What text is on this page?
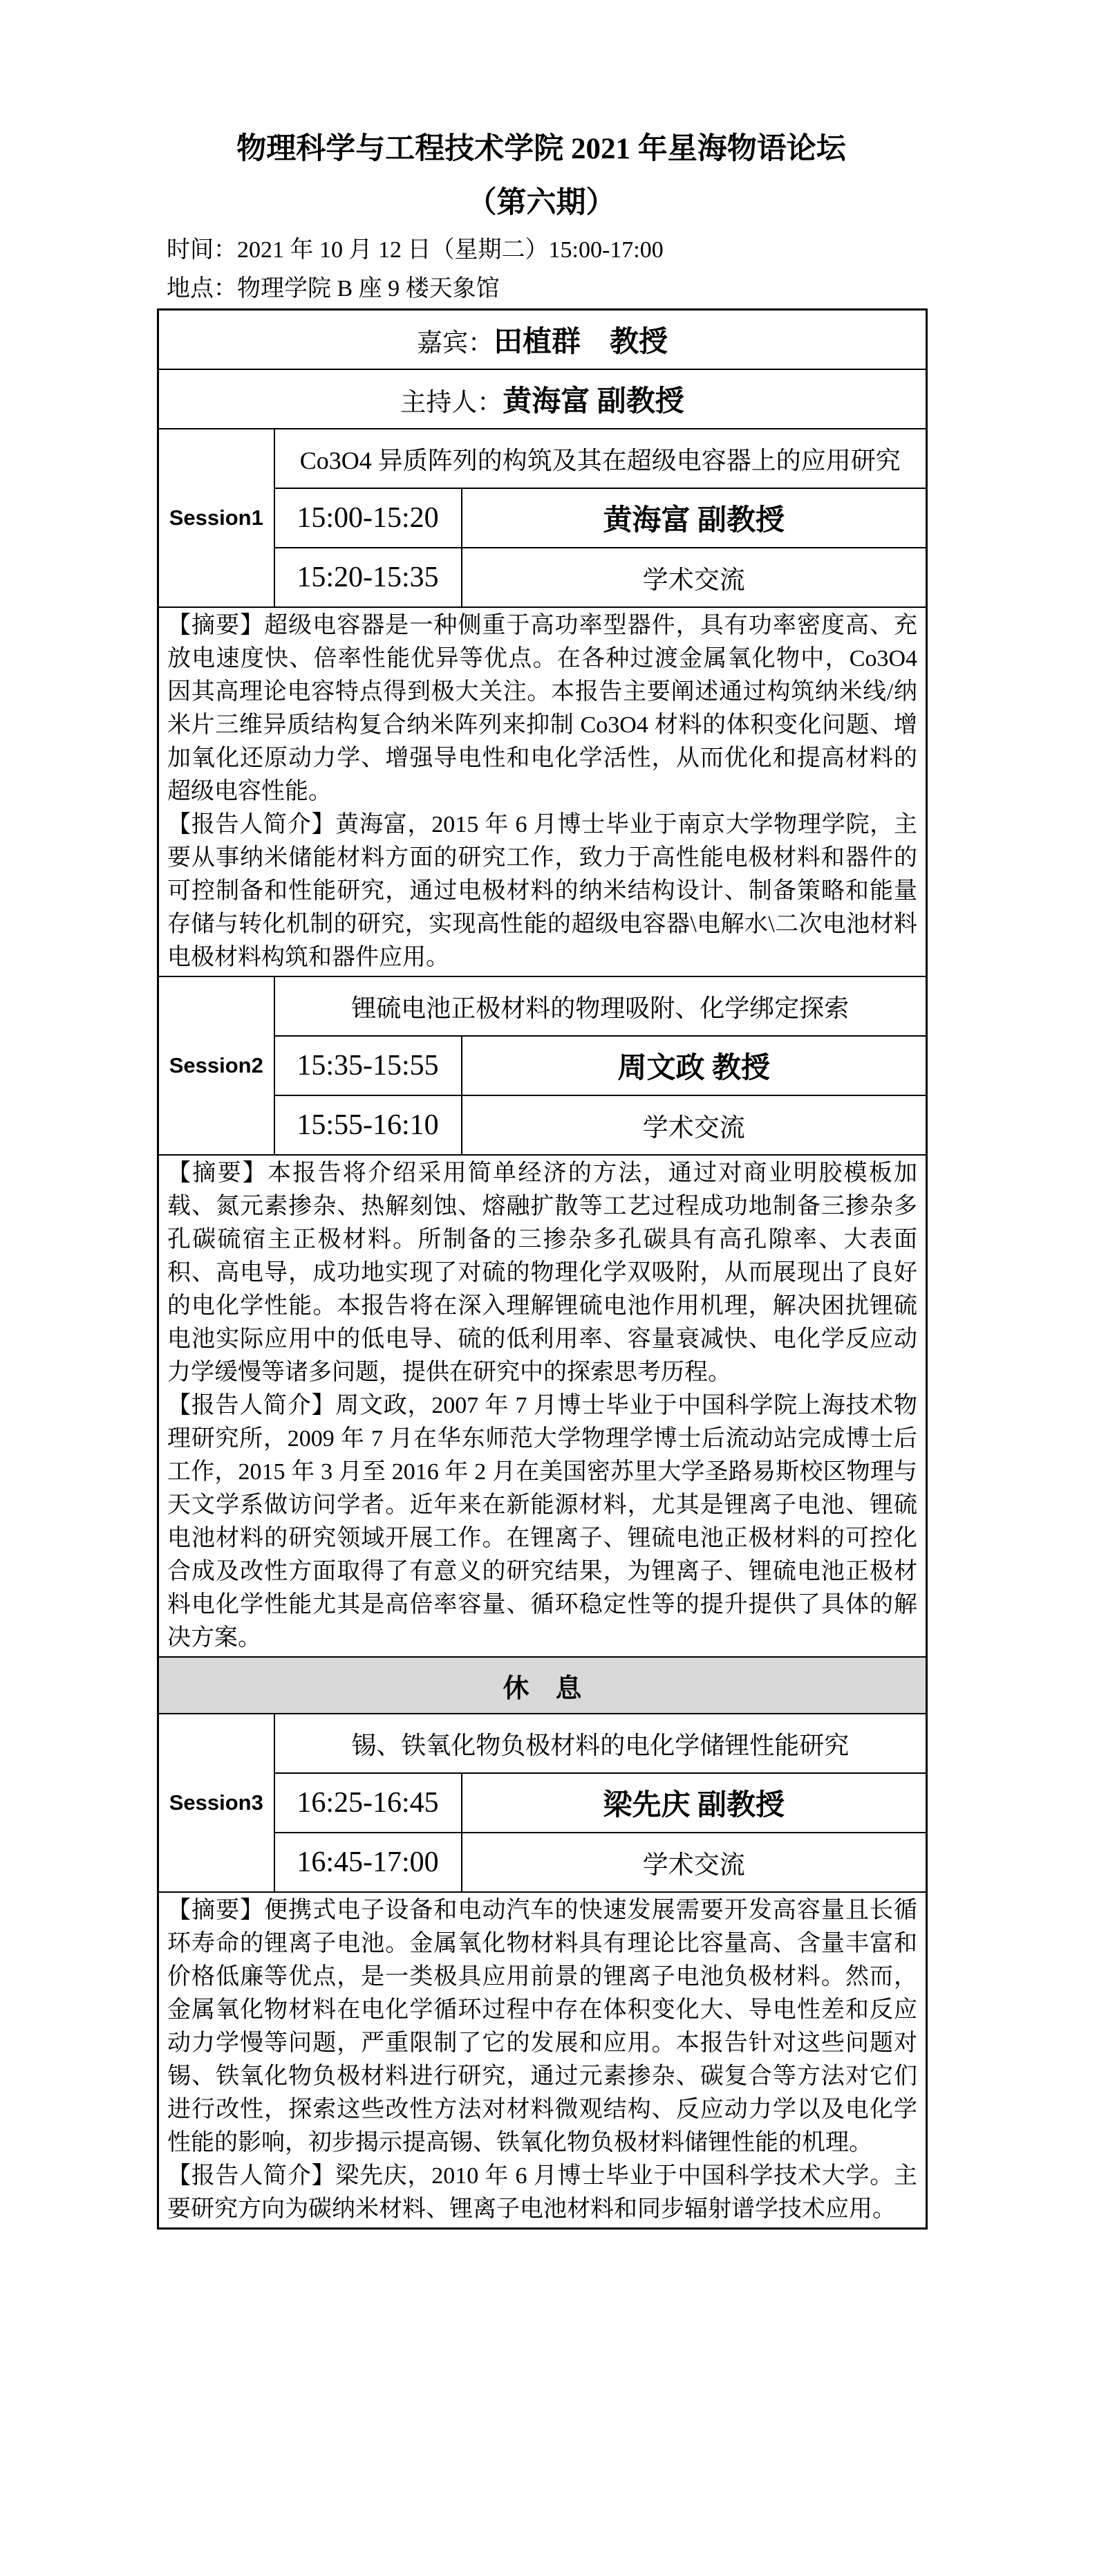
物理科学与工程技术学院 2021 年星海物语论坛
（第六期）
时间：2021 年 10 月 12 日（星期二）15:00-17:00
地点：物理学院 B 座 9 楼天象馆
嘉宾：田植群　教授		
主持人：黄海富 副教授		
Session1	Co3O4 异质阵列的构筑及其在超级电容器上的应用研究	
	15:00-15:20	黄海富 副教授
	15:20-15:35	学术交流

【摘要】超级电容器是一种侧重于高功率型器件，具有功率密度高、充放电速度快、倍率性能优异等优点。在各种过渡金属氧化物中，Co3O4 因其高理论电容特点得到极大关注。本报告主要阐述通过构筑纳米线/纳米片三维异质结构复合纳米阵列来抑制 Co3O4 材料的体积变化问题、增加氧化还原动力学、增强导电性和电化学活性，从而优化和提高材料的超级电容性能。
【报告人简介】黄海富，2015 年 6 月博士毕业于南京大学物理学院，主要从事纳米储能材料方面的研究工作，致力于高性能电极材料和器件的可控制备和性能研究，通过电极材料的纳米结构设计、制备策略和能量存储与转化机制的研究，实现高性能的超级电容器\电解水\二次电池材料电极材料构筑和器件应用。		

Session2	锂硫电池正极材料的物理吸附、化学绑定探索	
	15:35-15:55	周文政 教授
	15:55-16:10	学术交流

【摘要】本报告将介绍采用简单经济的方法，通过对商业明胶模板加载、氮元素掺杂、热解刻蚀、熔融扩散等工艺过程成功地制备三掺杂多孔碳硫宿主正极材料。所制备的三掺杂多孔碳具有高孔隙率、大表面积、高电导，成功地实现了对硫的物理化学双吸附，从而展现出了良好的电化学性能。本报告将在深入理解锂硫电池作用机理，解决困扰锂硫电池实际应用中的低电导、硫的低利用率、容量衰减快、电化学反应动力学缓慢等诸多问题，提供在研究中的探索思考历程。
【报告人简介】周文政，2007 年 7 月博士毕业于中国科学院上海技术物理研究所，2009 年 7 月在华东师范大学物理学博士后流动站完成博士后工作，2015 年 3 月至 2016 年 2 月在美国密苏里大学圣路易斯校区物理与天文学系做访问学者。近年来在新能源材料，尤其是锂离子电池、锂硫电池材料的研究领域开展工作。在锂离子、锂硫电池正极材料的可控化合成及改性方面取得了有意义的研究结果，为锂离子、锂硫电池正极材料电化学性能尤其是高倍率容量、循环稳定性等的提升提供了具体的解决方案。		

休　息		
Session3	锡、铁氧化物负极材料的电化学储锂性能研究	
	16:25-16:45	梁先庆 副教授
	16:45-17:00	学术交流

【摘要】便携式电子设备和电动汽车的快速发展需要开发高容量且长循环寿命的锂离子电池。金属氧化物材料具有理论比容量高、含量丰富和价格低廉等优点，是一类极具应用前景的锂离子电池负极材料。然而，金属氧化物材料在电化学循环过程中存在体积变化大、导电性差和反应动力学慢等问题，严重限制了它的发展和应用。本报告针对这些问题对锡、铁氧化物负极材料进行研究，通过元素掺杂、碳复合等方法对它们进行改性，探索这些改性方法对材料微观结构、反应动力学以及电化学性能的影响，初步揭示提高锡、铁氧化物负极材料储锂性能的机理。
【报告人简介】梁先庆，2010 年 6 月博士毕业于中国科学技术大学。主要研究方向为碳纳米材料、锂离子电池材料和同步辐射谱学技术应用。		
